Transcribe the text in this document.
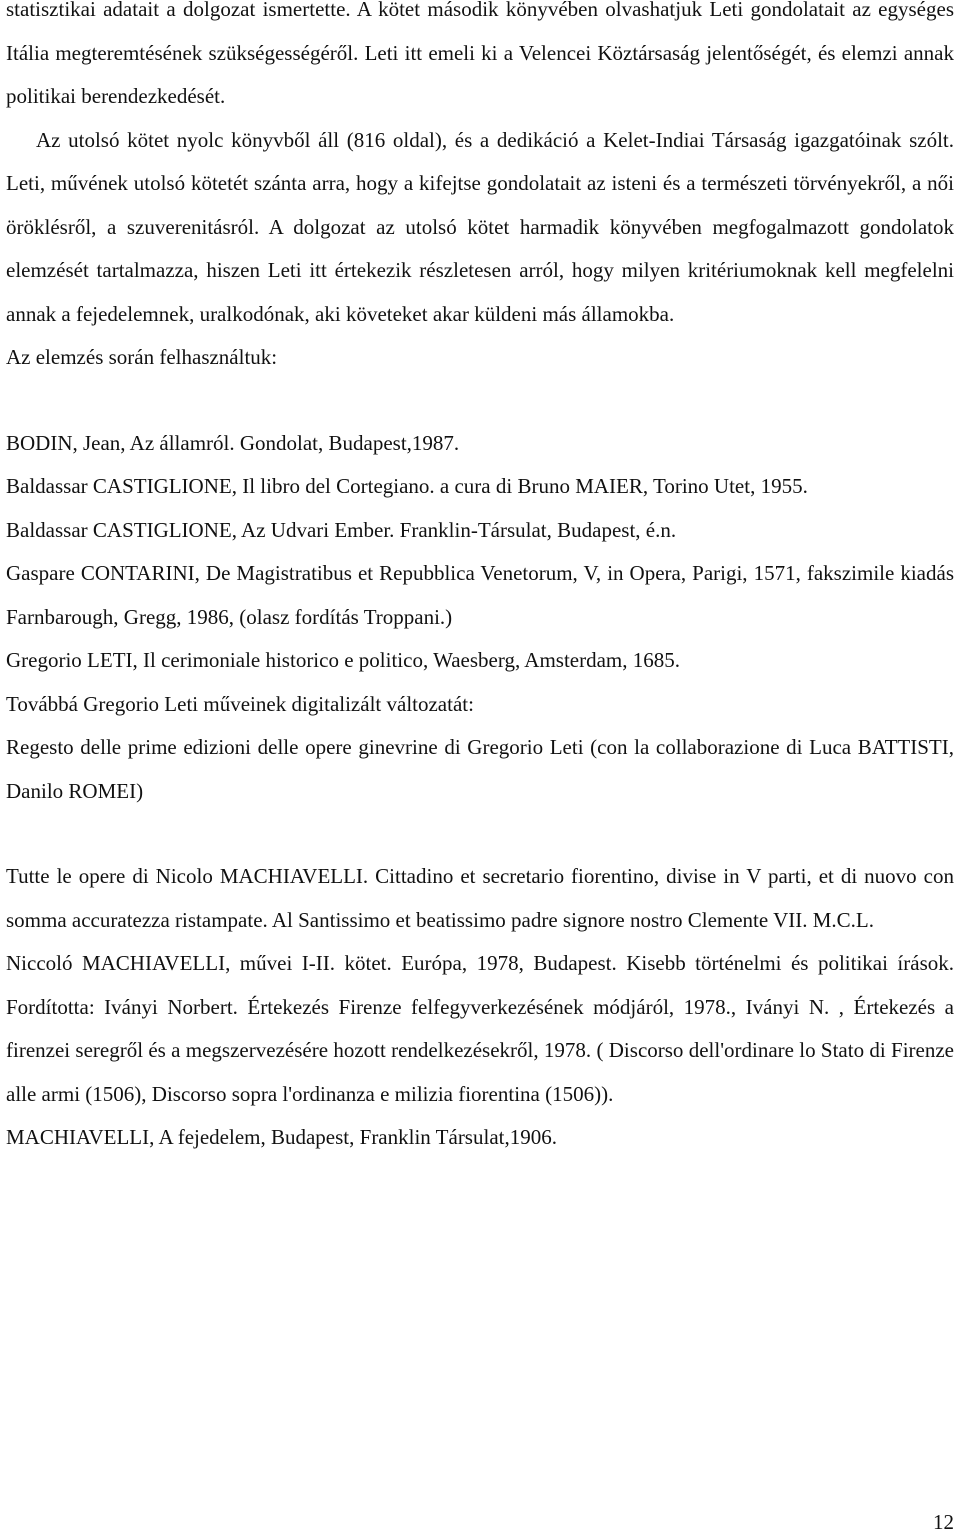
statisztikai adatait a dolgozat ismertette. A kötet második könyvében olvashatjuk Leti gondolatait az egységes Itália megteremtésének szükségességéről. Leti itt emeli ki a Velencei Köztársaság jelentőségét, és elemzi annak politikai berendezkedését.

Az utolsó kötet nyolc könyvből áll (816 oldal), és a dedikáció a Kelet-Indiai Társaság igazgatóinak szólt. Leti, művének utolsó kötetét szánta arra, hogy a kifejtse gondolatait az isteni és a természeti törvényekről, a női öröklésről, a szuverenitásról. A dolgozat az utolsó kötet harmadik könyvében megfogalmazott gondolatok elemzését tartalmazza, hiszen Leti itt értekezik részletesen arról, hogy milyen kritériumoknak kell megfelelni annak a fejedelemnek, uralkodónak, aki követeket akar küldeni más államokba.

Az elemzés során felhasználtuk:

BODIN, Jean, Az államról. Gondolat, Budapest,1987.

Baldassar CASTIGLIONE, Il libro del Cortegiano. a cura di Bruno MAIER, Torino Utet, 1955.

Baldassar CASTIGLIONE, Az Udvari Ember. Franklin-Társulat, Budapest, é.n.

Gaspare CONTARINI, De Magistratibus et Repubblica Venetorum, V, in Opera, Parigi, 1571, fakszimile kiadás Farnbarough, Gregg, 1986, (olasz fordítás Troppani.)

Gregorio LETI, Il cerimoniale historico e politico, Waesberg, Amsterdam, 1685.

Továbbá Gregorio Leti műveinek digitalizált változatát:

Regesto delle prime edizioni delle opere ginevrine di Gregorio Leti (con la collaborazione di Luca BATTISTI, Danilo ROMEI)

Tutte le opere di Nicolo MACHIAVELLI. Cittadino et secretario fiorentino, divise in V parti, et di nuovo con somma accuratezza ristampate. Al Santissimo et beatissimo padre signore nostro Clemente VII. M.C.L.

Niccoló MACHIAVELLI, művei I-II. kötet. Európa, 1978, Budapest. Kisebb történelmi és politikai írások. Fordította: Iványi Norbert. Értekezés Firenze felfegyverkezésének módjáról, 1978., Iványi N. , Értekezés a firenzei seregről és a megszervezésére hozott rendelkezésekről, 1978. ( Discorso dell'ordinare lo Stato di Firenze alle armi (1506), Discorso sopra l'ordinanza e milizia fiorentina (1506)).

MACHIAVELLI, A fejedelem, Budapest, Franklin Társulat,1906.

12
